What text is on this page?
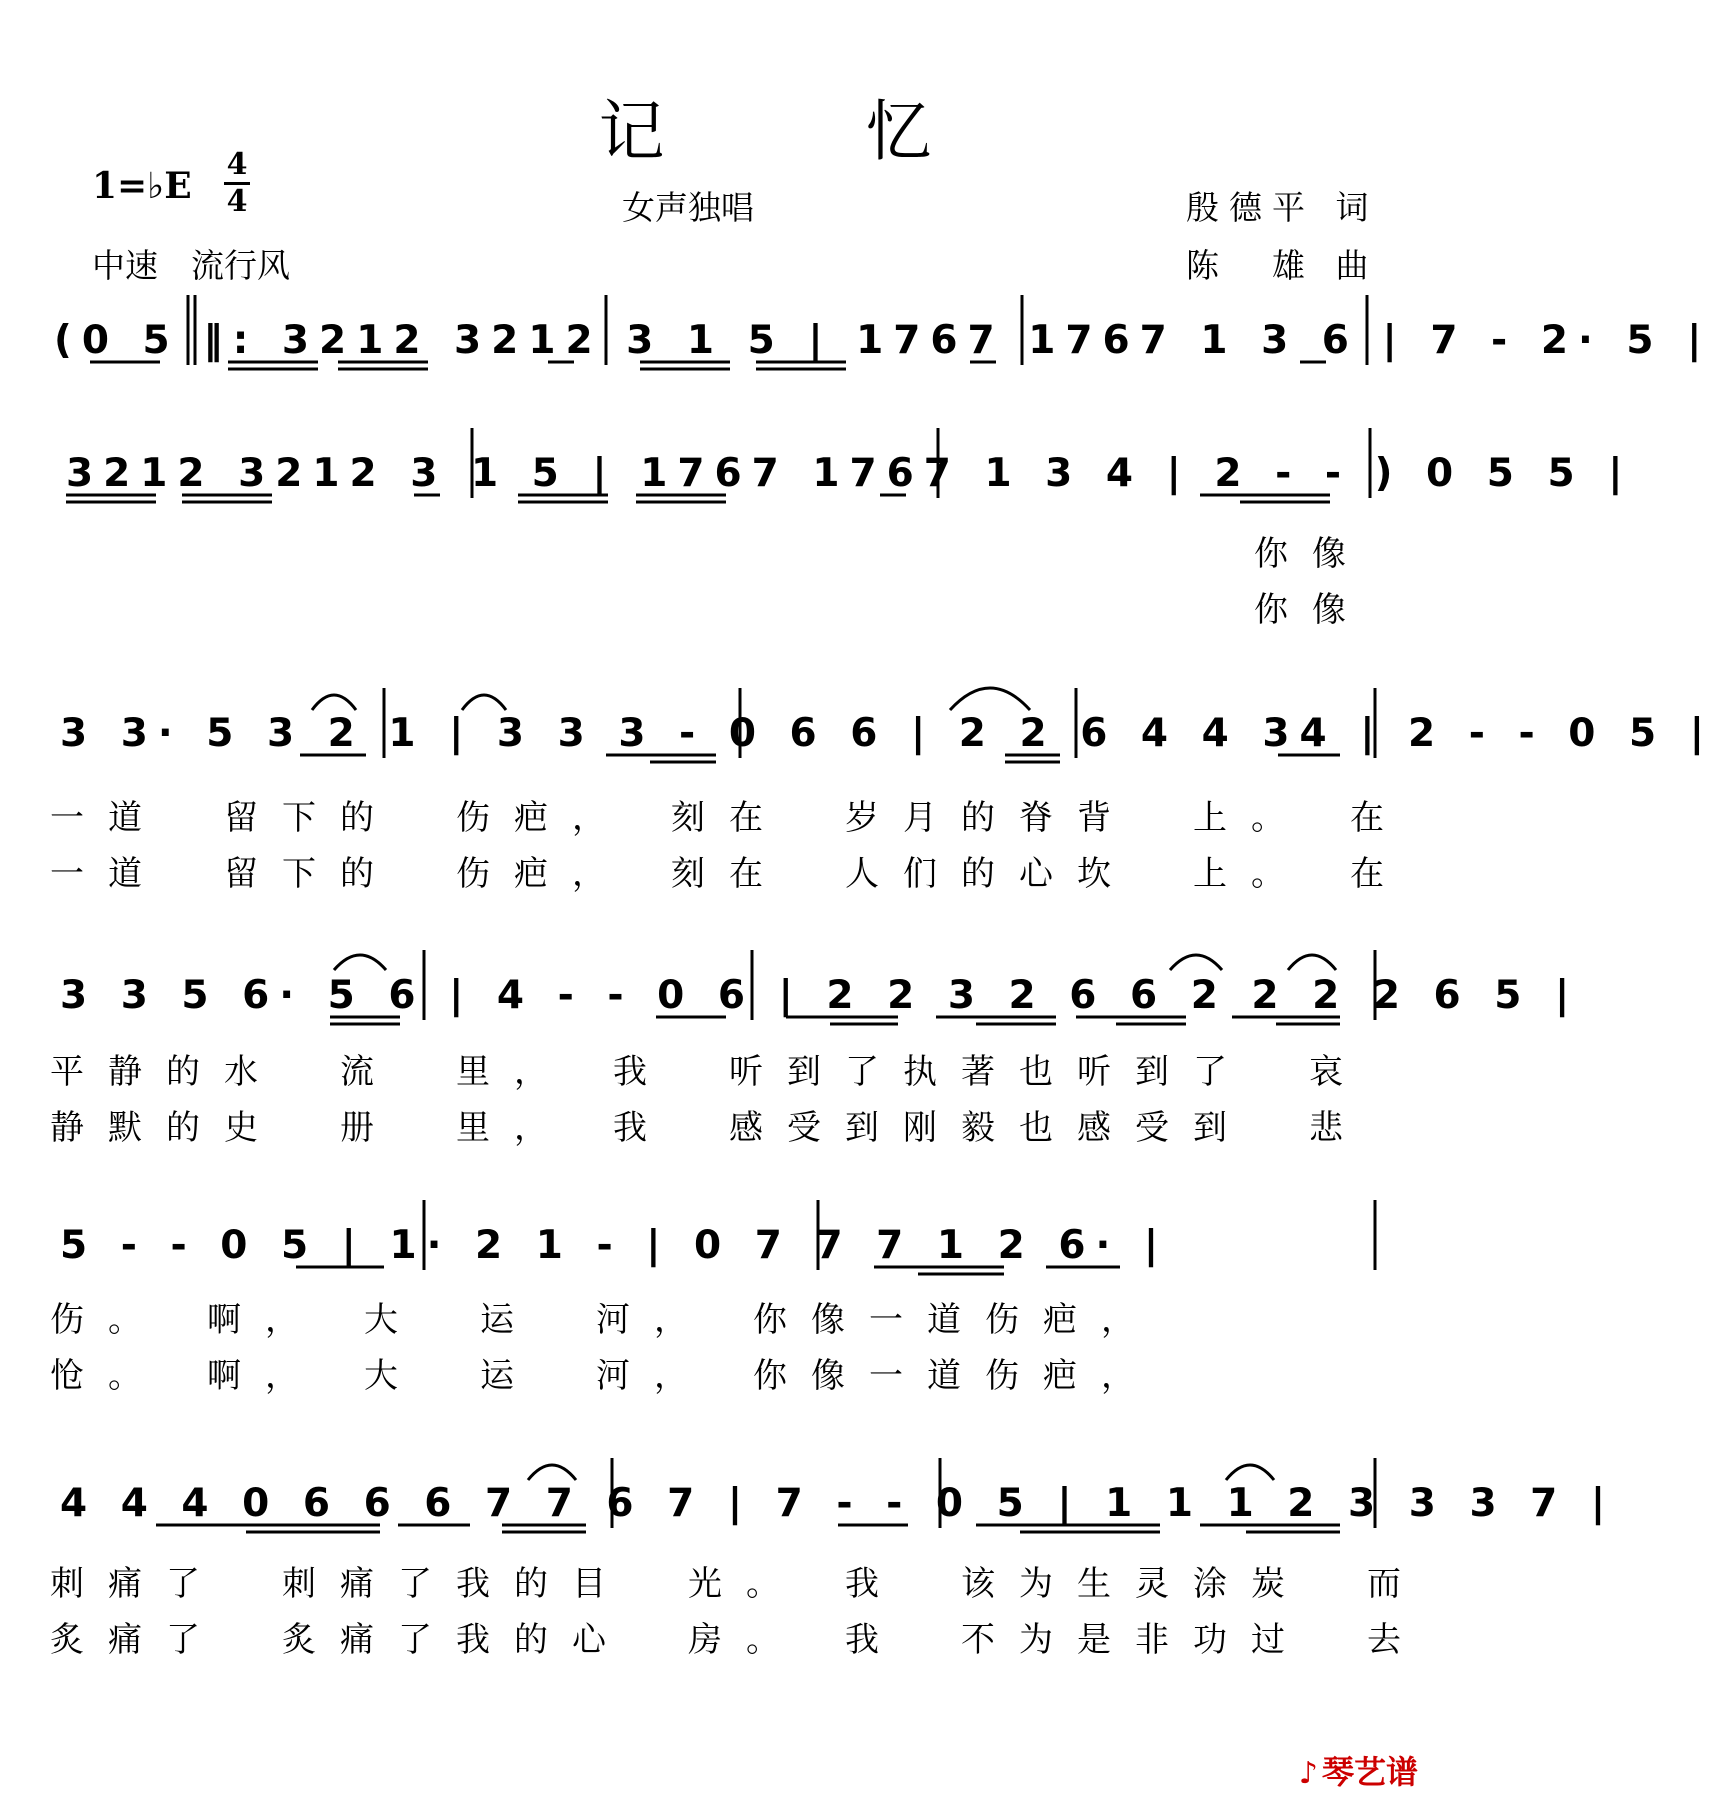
记 忆
1=♭E $\frac{4}{4}$	女声独唱
中速　流行风
殷德平 词
陈　雄 曲
(0 5 ‖: 3212 3212 3 1 5 | 1767 1767 1 3 6 | 7 - 2· 5 |
3212 3212 3 1 5 | 1767 1767 1 3 4 | 2 - - ) 0 5 5 |
你像
你像
3 3· 5 3 2 1 | 3 3 3 - 0 6 6 | 2 2 6 4 4 34 | 2 - - 0 5 |
一道　留下的　伤疤，　刻在　岁月的脊背　上。　在
一道　留下的　伤疤，　刻在　人们的心坎　上。　在
3 3 5 6· 5 6 | 4 - - 0 6 | 2 2 3 2 6 6 2 2 2 2 6 5 |
平静的水　流　里，　我　听到了执著也听到了　哀
静默的史　册　里，　我　感受到刚毅也感受到　悲
5 - - 0 5 | 1· 2 1 - | 0 7 7 7 1 2 6· |
伤。　啊，　大　运　河，　你像一道伤疤，
怆。　啊，　大　运　河，　你像一道伤疤，
4 4 4 0 6 6 6 7 7 6 7 | 7 - - 0 5 | 1 1 1 2 3 3 3 7 |
刺痛了　刺痛了我的目　光。　我　该为生灵涂炭　而
炙痛了　炙痛了我的心　房。　我　不为是非功过　去
♪ 琴艺谱
